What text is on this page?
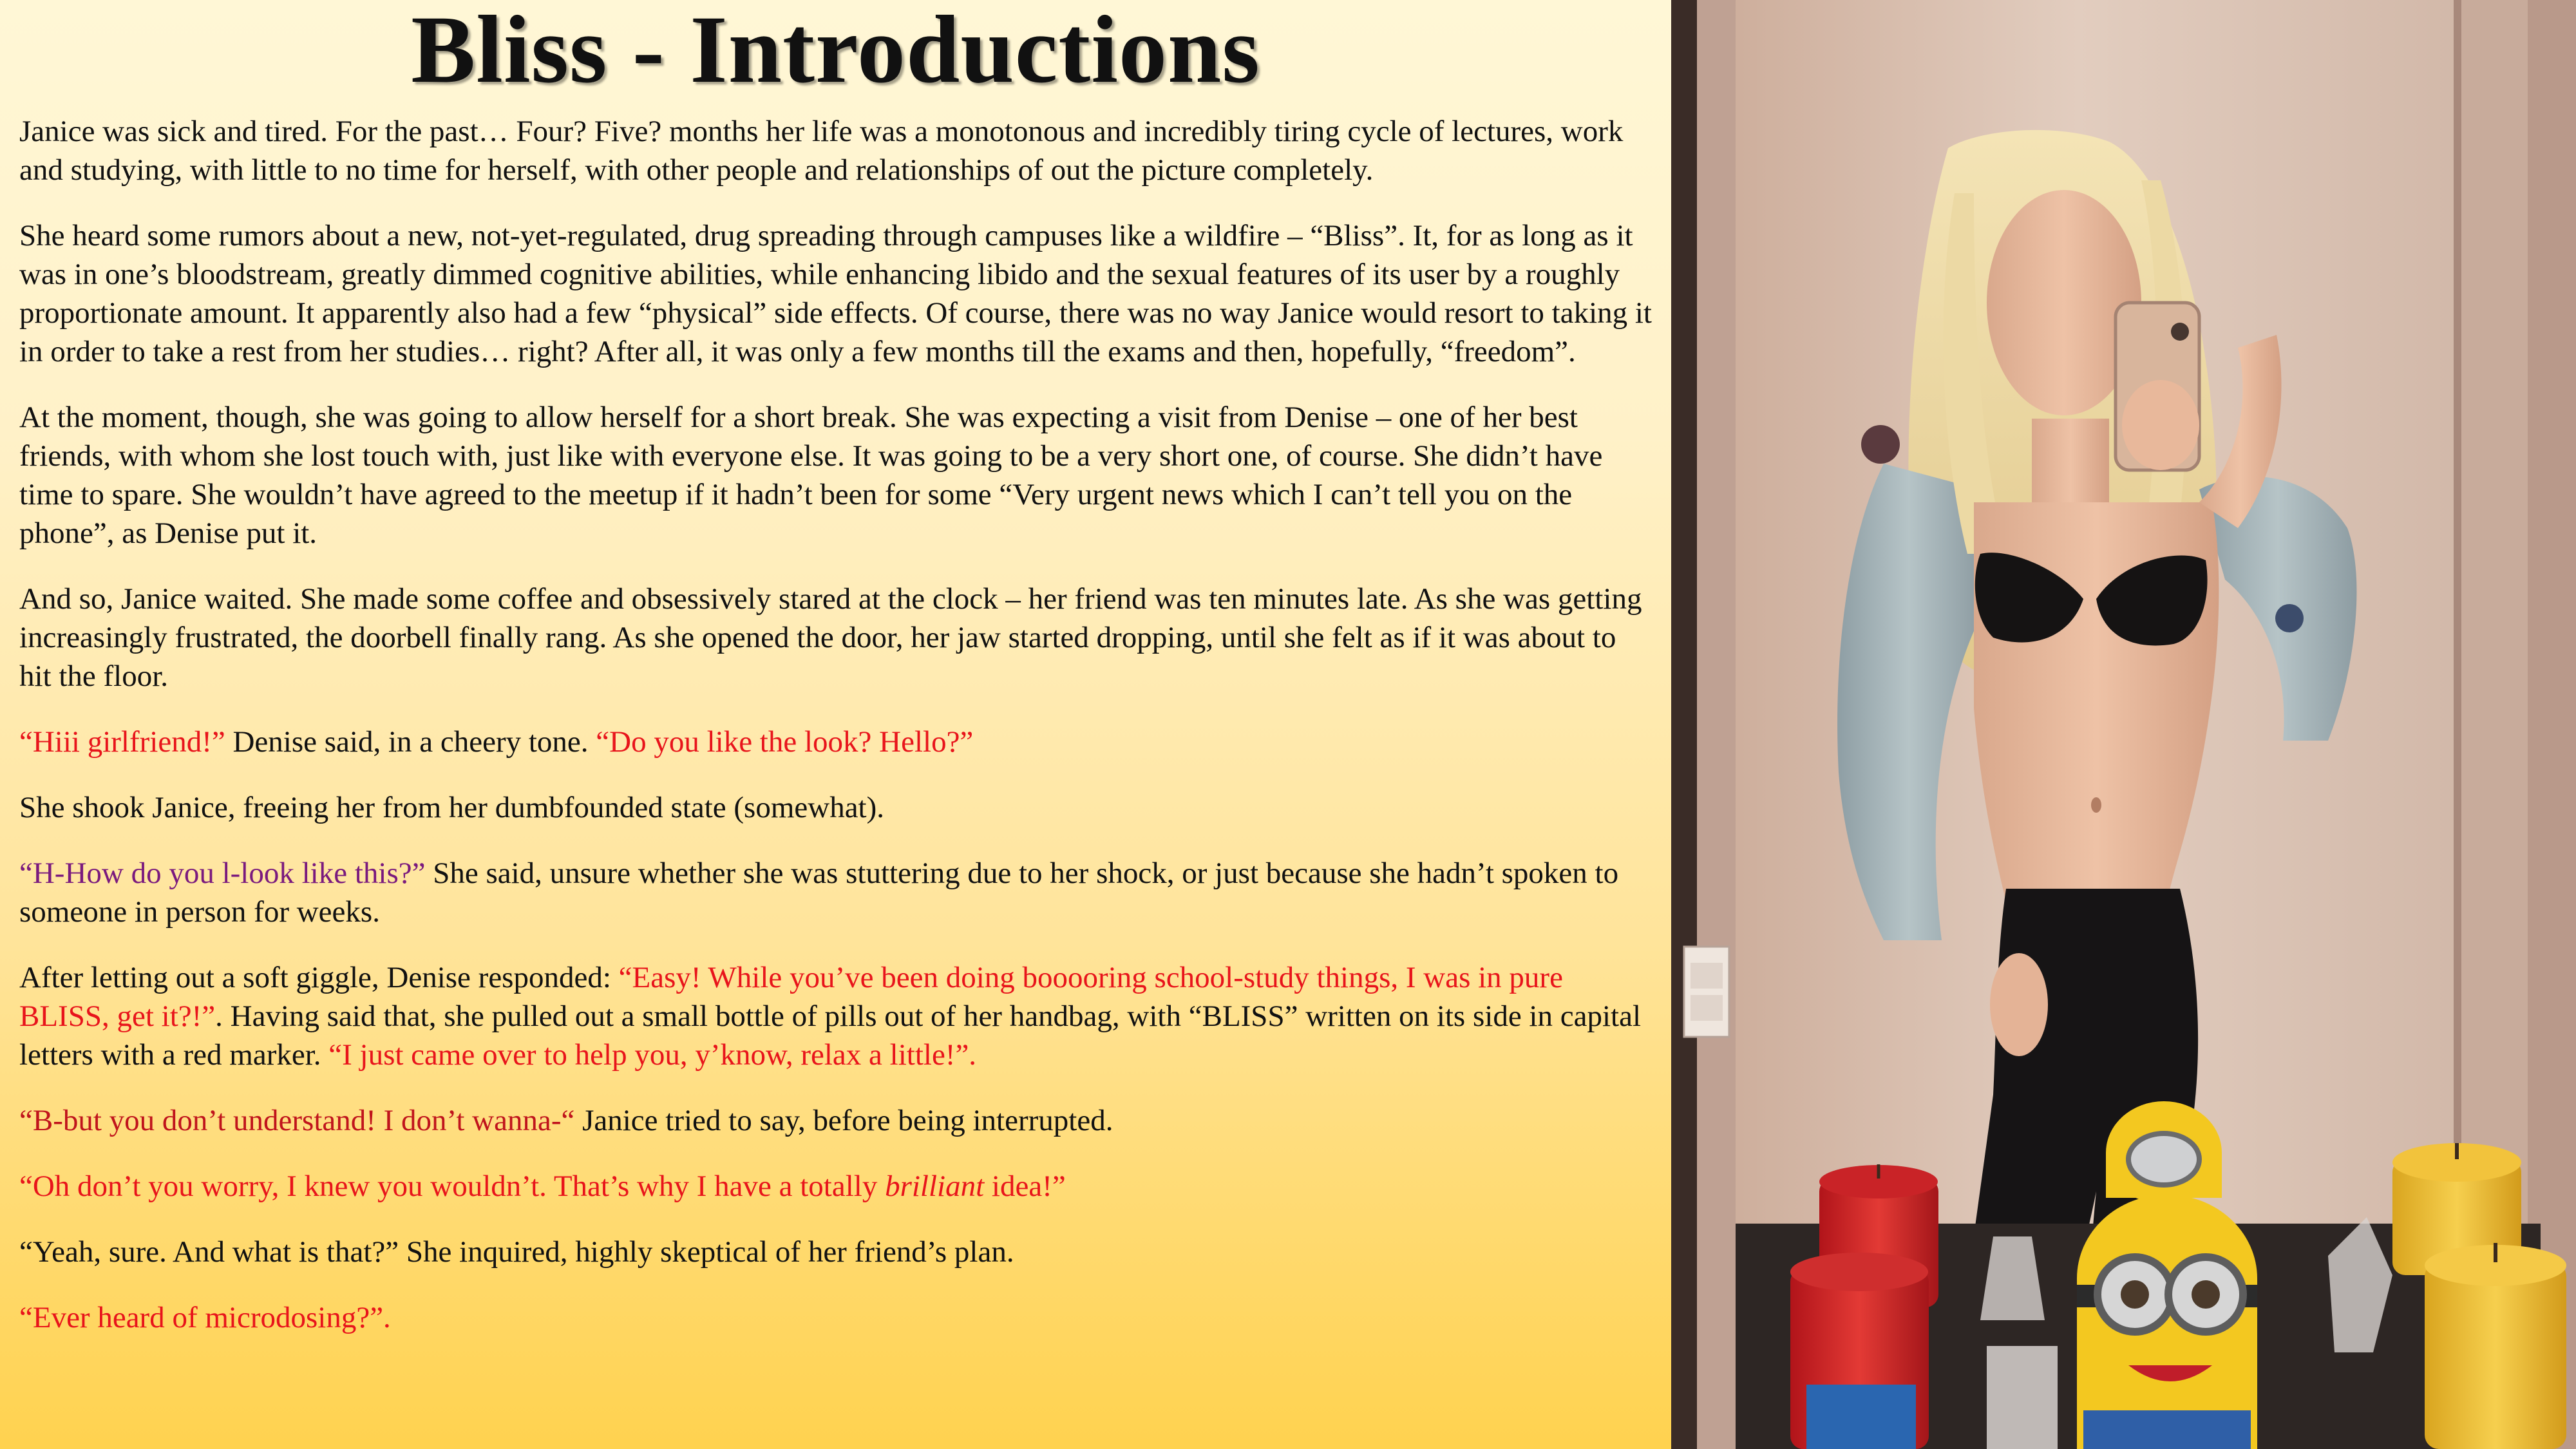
Bliss - Introductions

Janice was sick and tired. For the past… Four? Five? months her life was a monotonous and incredibly tiring cycle of lectures, work and studying, with little to no time for herself, with other people and relationships of out the picture completely.

She heard some rumors about a new, not-yet-regulated, drug spreading through campuses like a wildfire – “Bliss”. It, for as long as it was in one’s bloodstream, greatly dimmed cognitive abilities, while enhancing libido and the sexual features of its user by a roughly proportionate amount. It apparently also had a few “physical” side effects. Of course, there was no way Janice would resort to taking it in order to take a rest from her studies… right? After all, it was only a few months till the exams and then, hopefully, “freedom”.

At the moment, though, she was going to allow herself for a short break. She was expecting a visit from Denise – one of her best friends, with whom she lost touch with, just like with everyone else. It was going to be a very short one, of course. She didn’t have time to spare. She wouldn’t have agreed to the meetup if it hadn’t been for some “Very urgent news which I can’t tell you on the phone”, as Denise put it.

And so, Janice waited. She made some coffee and obsessively stared at the clock – her friend was ten minutes late. As she was getting increasingly frustrated, the doorbell finally rang. As she opened the door, her jaw started dropping, until she felt as if it was about to hit the floor.

“Hiii girlfriend!” Denise said, in a cheery tone. “Do you like the look? Hello?”

She shook Janice, freeing her from her dumbfounded state (somewhat).

“H-How do you l-look like this?” She said, unsure whether she was stuttering due to her shock, or just because she hadn’t spoken to someone in person for weeks.

After letting out a soft giggle, Denise responded: “Easy! While you’ve been doing booooring school-study things, I was in pure BLISS, get it?!”. Having said that, she pulled out a small bottle of pills out of her handbag, with “BLISS” written on its side in capital letters with a red marker. “I just came over to help you, y’know, relax a little!”.

“B-but you don’t understand! I don’t wanna-“ Janice tried to say, before being interrupted.

“Oh don’t you worry, I knew you wouldn’t. That’s why I have a totally brilliant idea!”

“Yeah, sure. And what is that?” She inquired, highly skeptical of her friend’s plan.

“Ever heard of microdosing?”.
